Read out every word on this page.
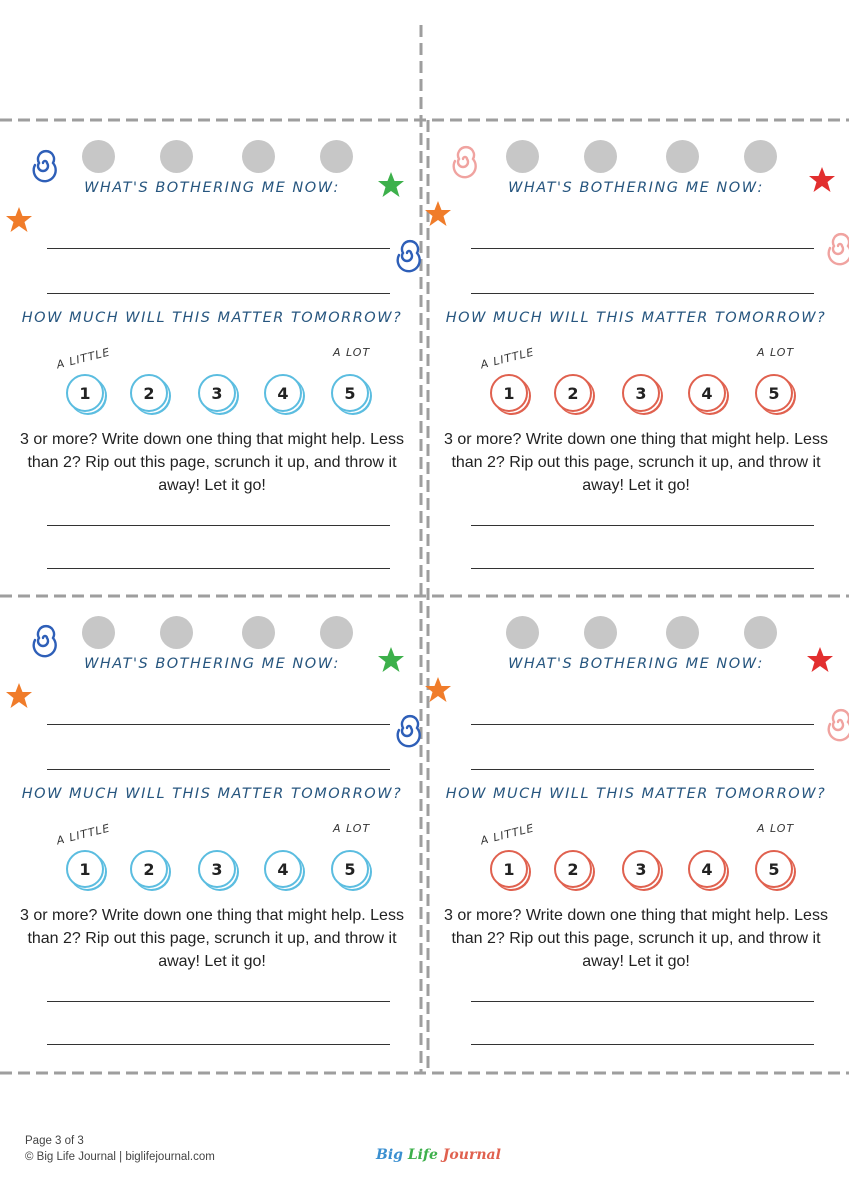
WHAT'S BOTHERING ME NOW:
HOW MUCH WILL THIS MATTER TOMORROW?
A LITTLE	A LOT
1	2	3	4	5
3 or more? Write down one thing that might help. Less than 2? Rip out this page, scrunch it up, and throw it away! Let it go!
WHAT'S BOTHERING ME NOW:
HOW MUCH WILL THIS MATTER TOMORROW?
A LITTLE	A LOT
1	2	3	4	5
3 or more? Write down one thing that might help. Less than 2? Rip out this page, scrunch it up, and throw it away! Let it go!
WHAT'S BOTHERING ME NOW:
HOW MUCH WILL THIS MATTER TOMORROW?
A LITTLE	A LOT
1	2	3	4	5
3 or more? Write down one thing that might help. Less than 2? Rip out this page, scrunch it up, and throw it away! Let it go!
WHAT'S BOTHERING ME NOW:
HOW MUCH WILL THIS MATTER TOMORROW?
A LITTLE	A LOT
1	2	3	4	5
3 or more? Write down one thing that might help. Less than 2? Rip out this page, scrunch it up, and throw it away! Let it go!
Page 3 of 3
© Big Life Journal | biglifejournal.com	Big Life Journal
